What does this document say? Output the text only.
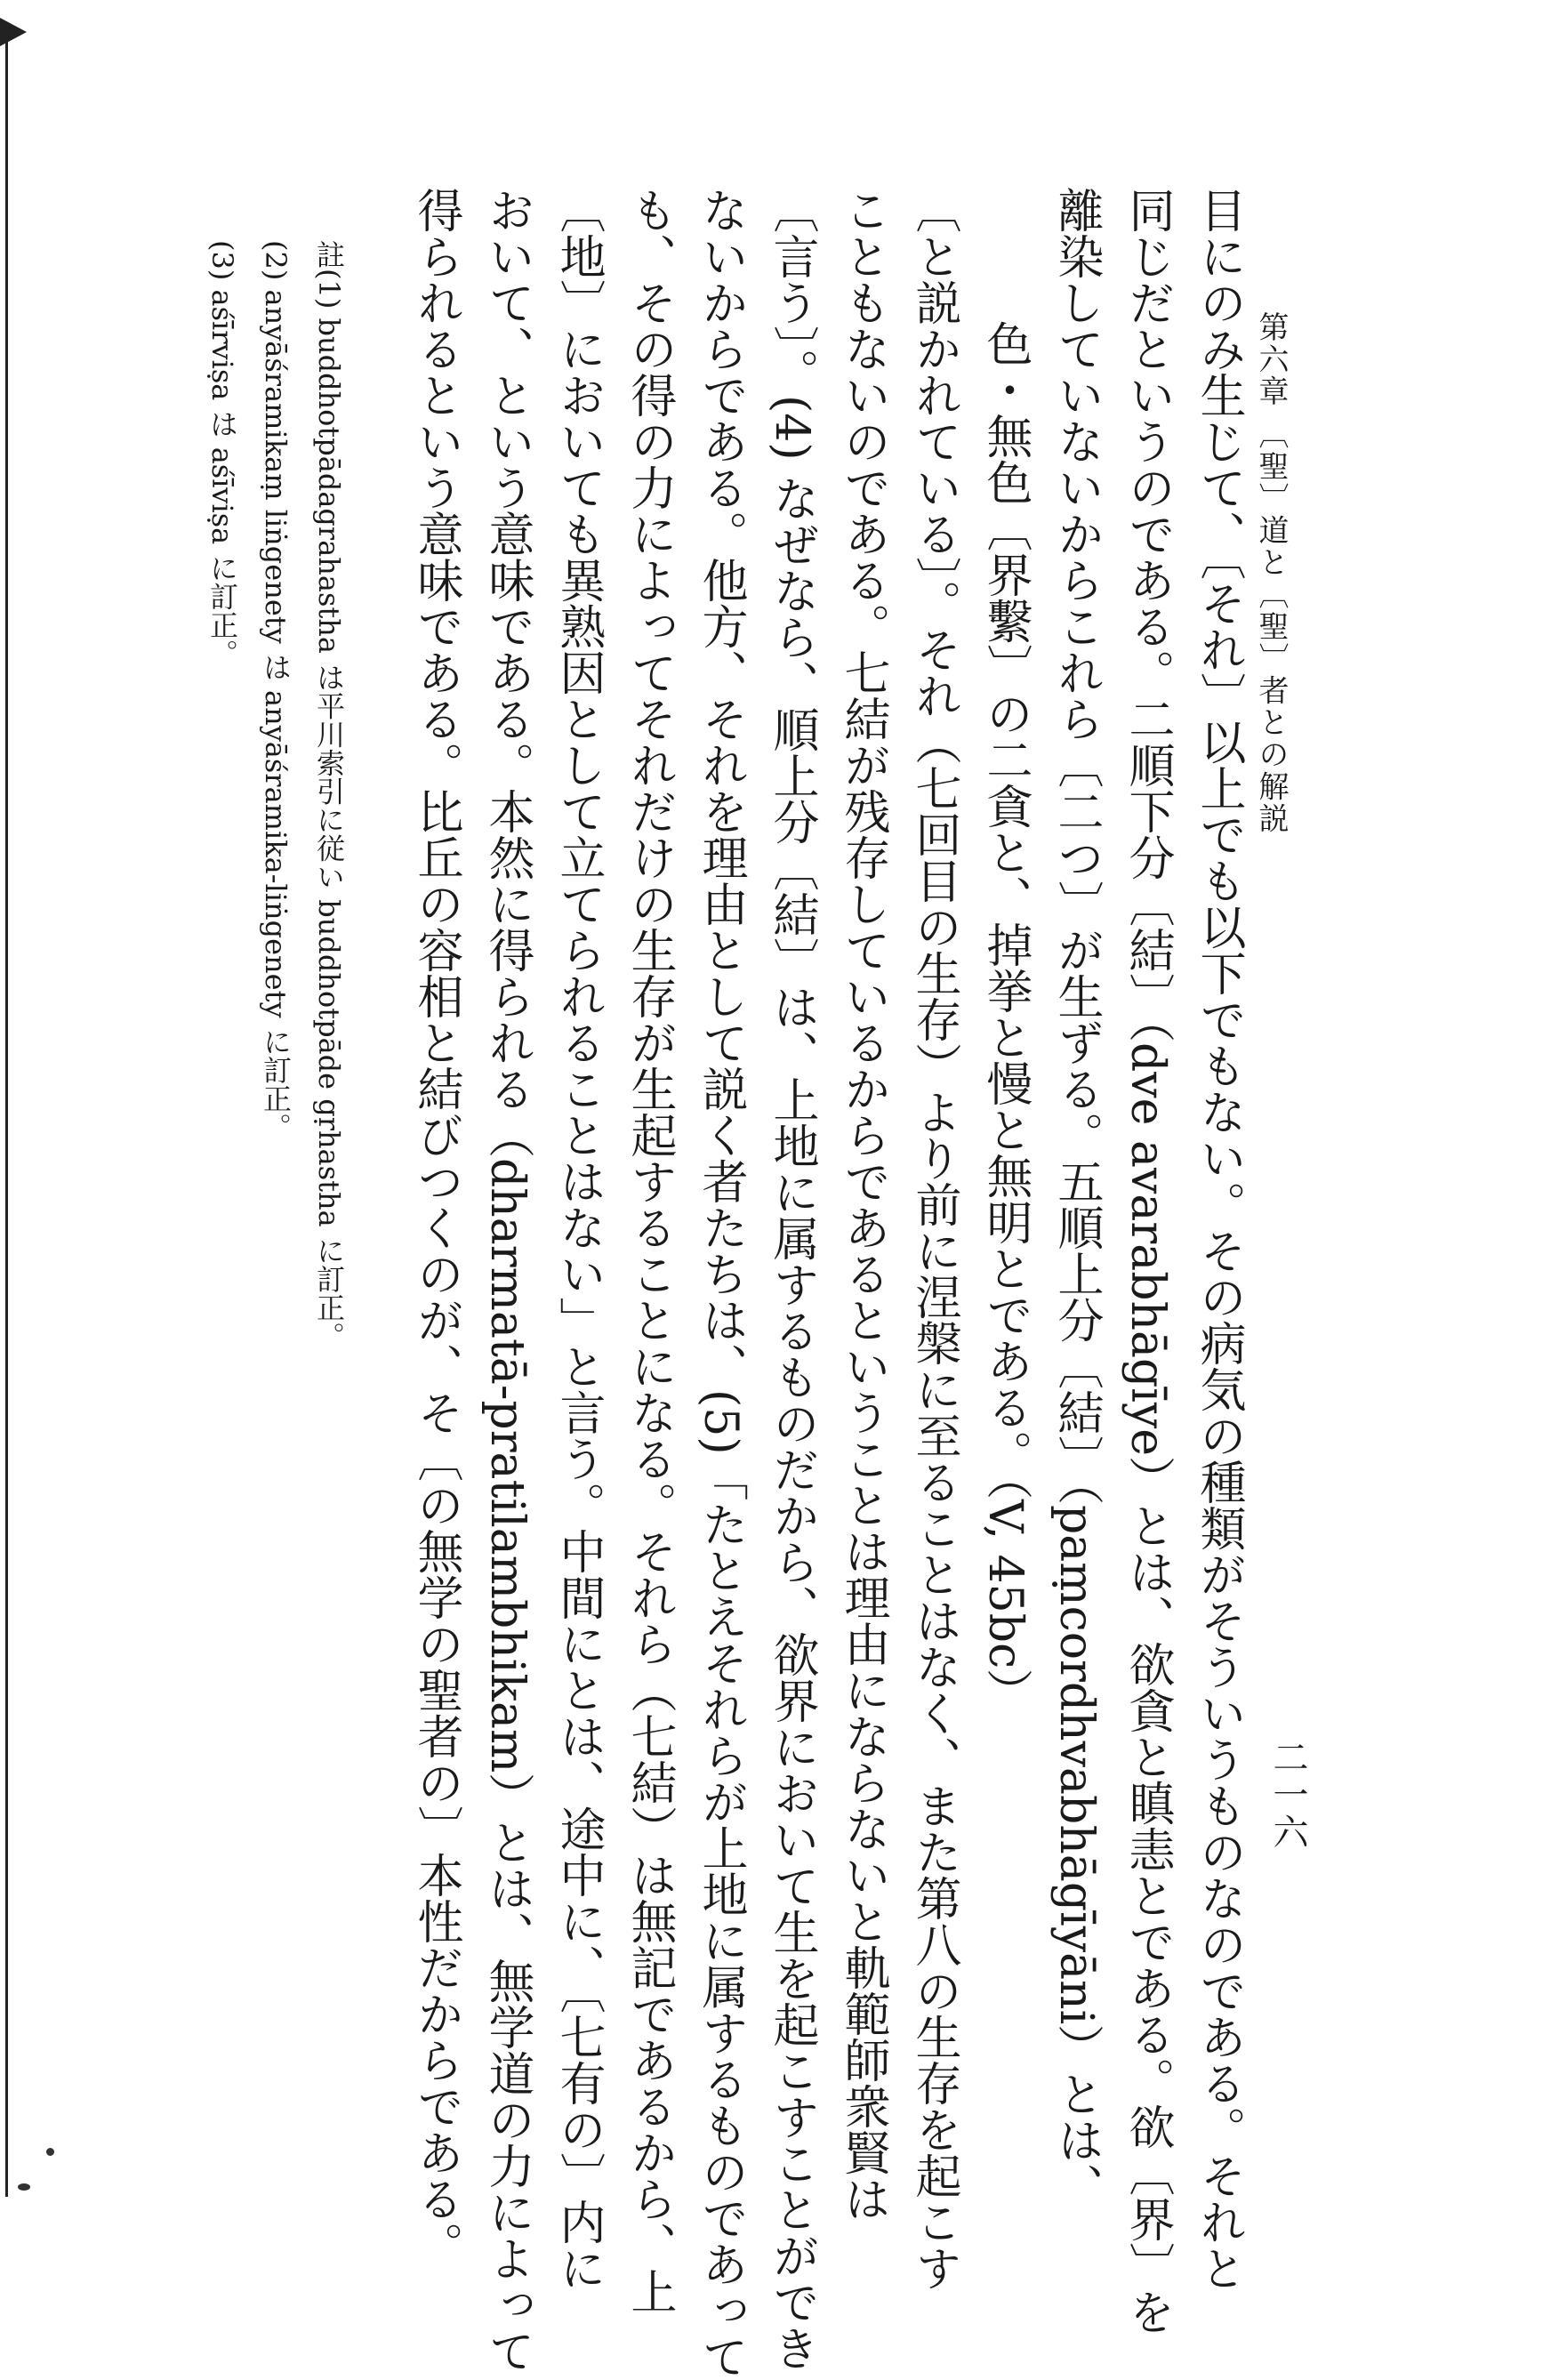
二一六
第六章 〔聖〕道と〔聖〕者との解説
目にのみ生じて、〔それ〕以上でも以下でもない。その病気の種類がそういうものなのである。それと
同じだというのである。二順下分〔結〕（dve avarabhāgīye）とは、欲貪と瞋恚とである。欲〔界〕を
離染していないからこれら〔二つ〕が生ずる。五順上分〔結〕（paṃcordhvabhāgīyāni）とは、
色・無色〔界繫〕の二貪と、掉挙と慢と無明とである。（V, 45bc）
〔と説かれている〕。それ（七回目の生存）より前に涅槃に至ることはなく、また第八の生存を起こす
こともないのである。七結が残存しているからであるということは理由にならないと軌範師衆賢は
〔言う〕。(4) なぜなら、順上分〔結〕は、上地に属するものだから、欲界において生を起こすことができ
ないからである。他方、それを理由として説く者たちは、(5)「たとえそれらが上地に属するものであって
も、その得の力によってそれだけの生存が生起することになる。それら（七結）は無記であるから、上
〔地〕においても異熟因として立てられることはない」と言う。中間にとは、途中に、〔七有の〕内に
おいて、という意味である。本然に得られる（dharmatā-pratilambhikam）とは、無学道の力によって
得られるという意味である。比丘の容相と結びつくのが、そ〔の無学の聖者の〕本性だからである。
註(1) buddhotpādagrahastha は平川索引に従い buddhotpāde gṛhastha に訂正。
(2) anyāśramikaṃ liṅgenety は anyāśramika-liṅgenety に訂正。
(3) aśīrviṣa は aśīviṣa に訂正。
